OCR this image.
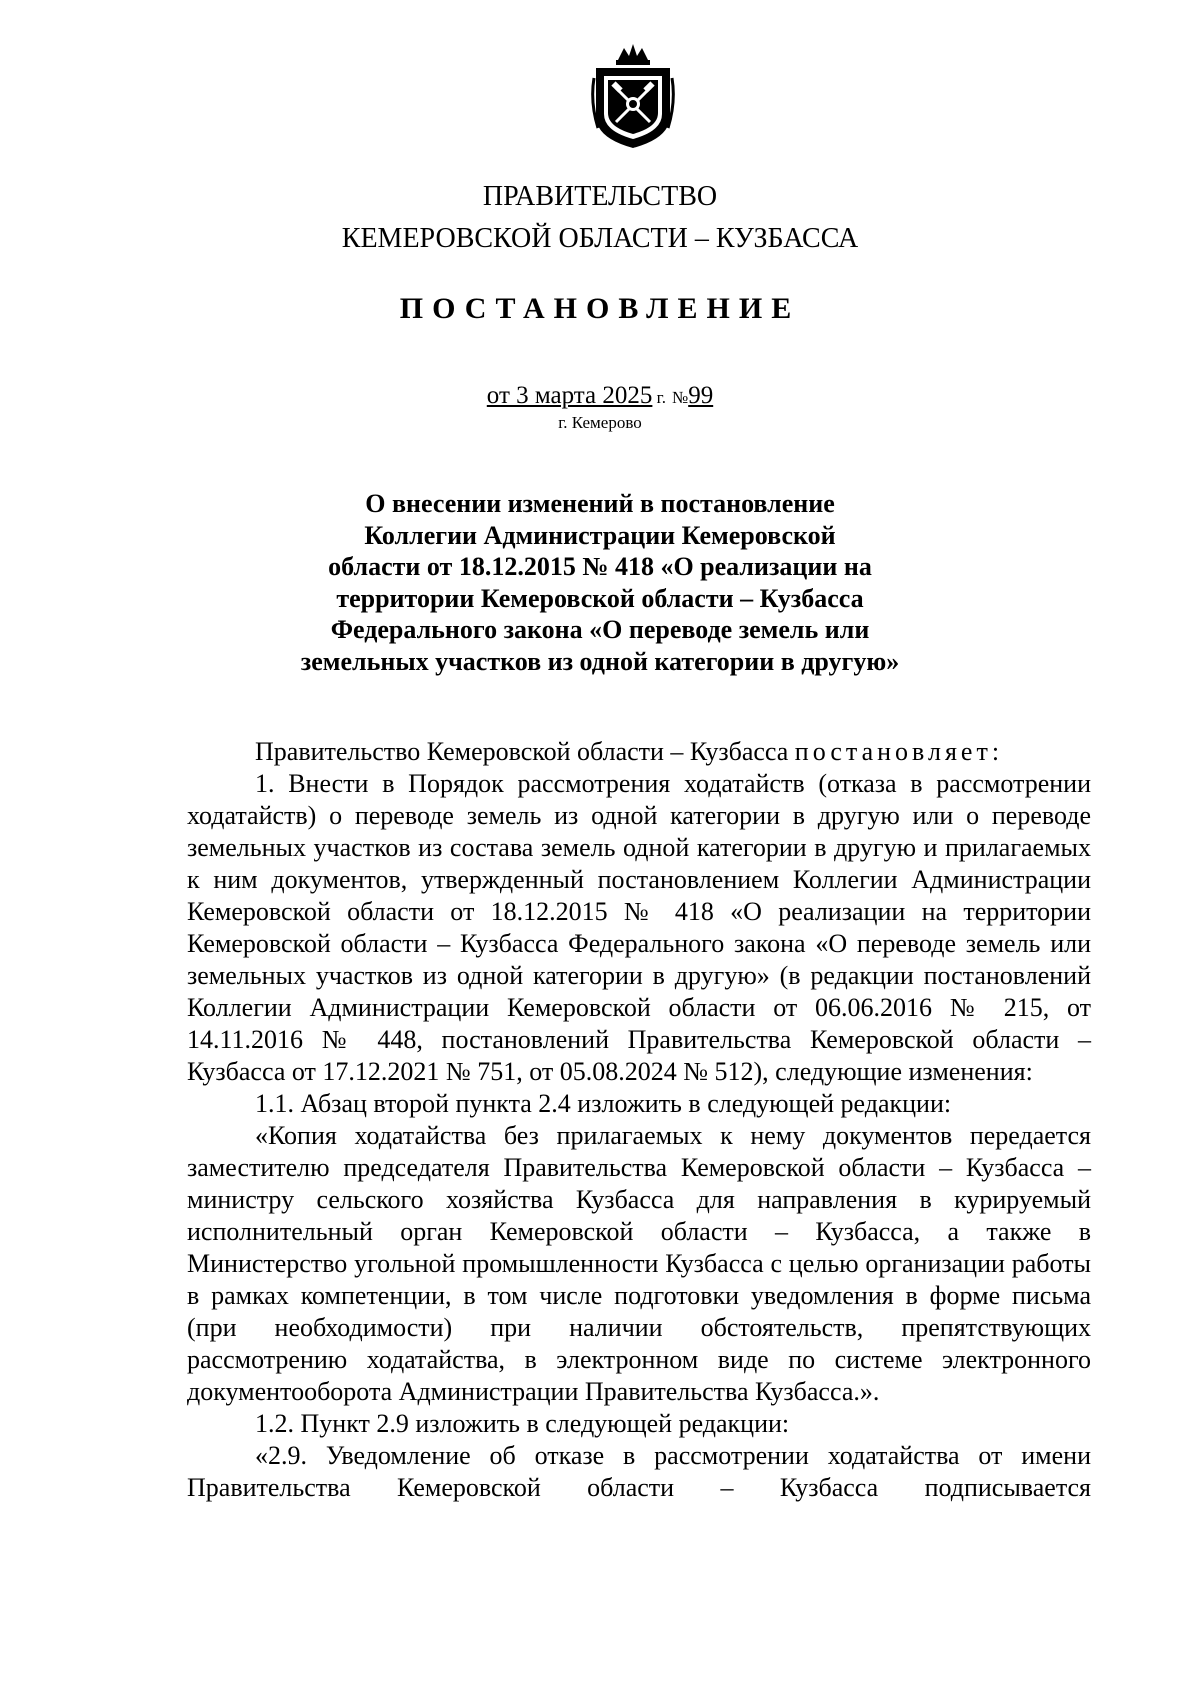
ПРАВИТЕЛЬСТВО
КЕМЕРОВСКОЙ ОБЛАСТИ – КУЗБАССА
ПОСТАНОВЛЕНИЕ
от 3 марта 2025 г. №99
г. Кемерово
О внесении изменений в постановление
Коллегии Администрации Кемеровской
области от 18.12.2015 № 418 «О реализации на
территории Кемеровской области – Кузбасса
Федерального закона «О переводе земель или
земельных участков из одной категории в другую»

Правительство Кемеровской области – Кузбасса постановляет:

1. Внести в Порядок рассмотрения ходатайств (отказа в рассмотрении ходатайств) о переводе земель из одной категории в другую или о переводе земельных участков из состава земель одной категории в другую и прилагаемых к ним документов, утвержденный постановлением Коллегии Администрации Кемеровской области от 18.12.2015 № 418 «О реализации на территории Кемеровской области – Кузбасса Федерального закона «О переводе земель или земельных участков из одной категории в другую» (в редакции постановлений Коллегии Администрации Кемеровской области от 06.06.2016 № 215, от 14.11.2016 № 448, постановлений Правительства Кемеровской области – Кузбасса от 17.12.2021 № 751, от 05.08.2024 № 512), следующие изменения:

1.1. Абзац второй пункта 2.4 изложить в следующей редакции:

«Копия ходатайства без прилагаемых к нему документов передается заместителю председателя Правительства Кемеровской области – Кузбасса – министру сельского хозяйства Кузбасса для направления в курируемый исполнительный орган Кемеровской области – Кузбасса, а также в Министерство угольной промышленности Кузбасса с целью организации работы в рамках компетенции, в том числе подготовки уведомления в форме письма (при необходимости) при наличии обстоятельств, препятствующих рассмотрению ходатайства, в электронном виде по системе электронного документооборота Администрации Правительства Кузбасса.».

1.2. Пункт 2.9 изложить в следующей редакции:

«2.9. Уведомление об отказе в рассмотрении ходатайства от имени Правительства Кемеровской области – Кузбасса подписывается
